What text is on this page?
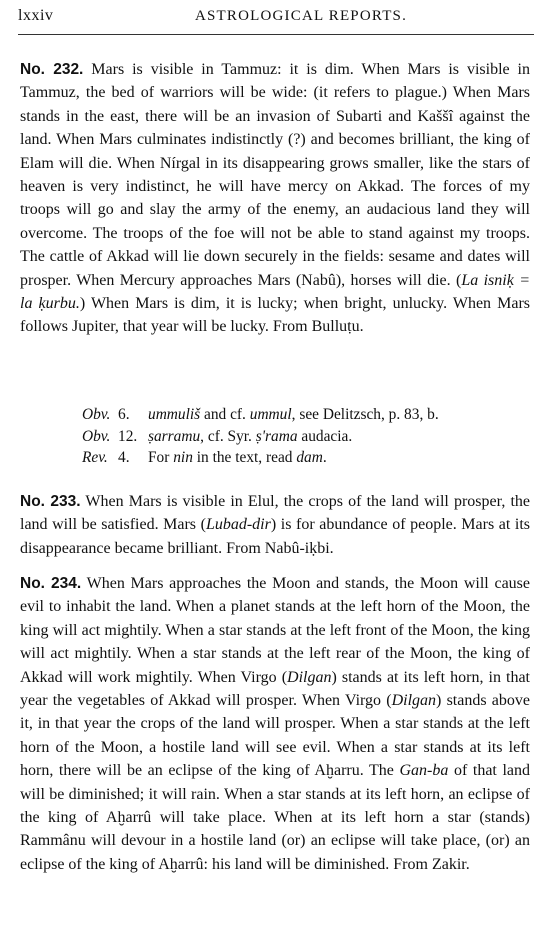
lxxiv	ASTROLOGICAL REPORTS.
No. 232. Mars is visible in Tammuz: it is dim. When Mars is visible in Tammuz, the bed of warriors will be wide: (it refers to plague.) When Mars stands in the east, there will be an invasion of Subarti and Kaššî against the land. When Mars culminates indistinctly (?) and becomes brilliant, the king of Elam will die. When Nírgal in its disappearing grows smaller, like the stars of heaven is very indistinct, he will have mercy on Akkad. The forces of my troops will go and slay the army of the enemy, an audacious land they will overcome. The troops of the foe will not be able to stand against my troops. The cattle of Akkad will lie down securely in the fields: sesame and dates will prosper. When Mercury approaches Mars (Nabû), horses will die. (La isniḳ = la ḳurbu.) When Mars is dim, it is lucky; when bright, unlucky. When Mars follows Jupiter, that year will be lucky. From Bulluṭu.
Obv. 6. ummuliš and cf. ummul, see Delitzsch, p. 83, b.
Obv. 12. ṣarramu, cf. Syr. ṣ'rama audacia.
Rev. 4. For nin in the text, read dam.
No. 233. When Mars is visible in Elul, the crops of the land will prosper, the land will be satisfied. Mars (Lubad-dir) is for abundance of people. Mars at its disappearance became brilliant. From Nabû-iḳbi.
No. 234. When Mars approaches the Moon and stands, the Moon will cause evil to inhabit the land. When a planet stands at the left horn of the Moon, the king will act mightily. When a star stands at the left front of the Moon, the king will act mightily. When a star stands at the left rear of the Moon, the king of Akkad will work mightily. When Virgo (Dilgan) stands at its left horn, in that year the vegetables of Akkad will prosper. When Virgo (Dilgan) stands above it, in that year the crops of the land will prosper. When a star stands at the left horn of the Moon, a hostile land will see evil. When a star stands at its left horn, there will be an eclipse of the king of Aḫarru. The Gan-ba of that land will be diminished; it will rain. When a star stands at its left horn, an eclipse of the king of Aḫarrû will take place. When at its left horn a star (stands) Rammânu will devour in a hostile land (or) an eclipse will take place, (or) an eclipse of the king of Aḫarrû: his land will be diminished. From Zakir.
